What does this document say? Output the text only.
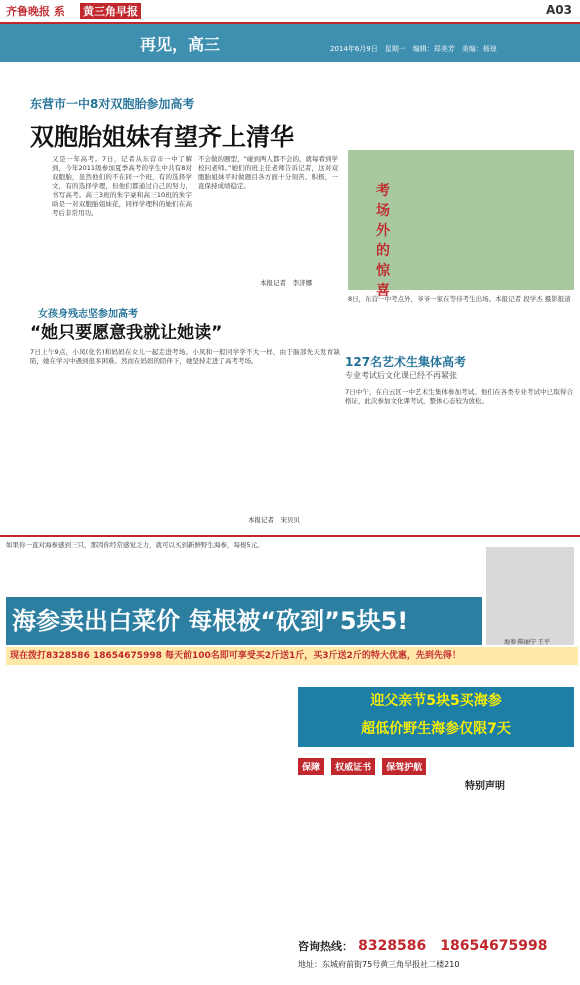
齐鲁晚报 系 黄三角早报	A03
再见，高三	2014年6月9日　星期一　编辑：郑美芳　美编：杨琼
东营市一中8对双胞胎参加高考
双胞胎姐妹有望齐上清华
又是一年高考。7日，记者从东营市一中了解到，今年2011级参加夏季高考的学生中共有8对双胞胎，虽然他们的不在同一个班，有的选择学文，有的选择学理，但他们都通过自己的努力，书写高考。高三3班的朱宇豪和高三10班的朱宇晗是一对双胞胎姐妹花，同样学理科的她们在高考后非常用功。
不会做的题型，“碰到两人都不会的，就每看到学校问老师。”她们的班主任老师告诉记者，这对双胞胎姐妹平时做题目各方面十分刻苦、积极，一直保持成绩稳定。
本报记者　李济娜
考场外的惊喜
8日，东营一中考点外，爷爷一家在等待考生出场。本报记者 段学杰 摄影报道
女孩身残志坚参加高考
“她只要愿意我就让她读”
7日上午9点，小凤(化名)和妈妈在女儿一起走进考场。小凤和一般同学学不大一样，由于脑部先天发育缺陷，她在学习中遇到很多困难。然而在妈妈的陪伴下，她坚持走进了高考考场。
本报记者　宋贝贝
127名艺术生集体高考
专业考试后文化课已经不再紧张
7日中午，在自云区一中艺术生集体参加考试。他们在各类专业考试中已取得合格证，此次参加文化课考试，整体心态较为放松。
如果你一直对海参感到三只，那因你经常感觉乏力，就可以买到新鲜野生海参，每根5元。
海参卖出白菜价 每根被“砍到”5块5!
现在拨打8328586 18654675998 每天前100名即可享受买2斤送1斤，买3斤送2斤的特大优惠，先到先得！
海参·陈丽宁 王平
迎父亲节5块5买海参
超低价野生海参仅限7天
保障 权威证书 保驾护航
特别声明
咨询热线： 8328586　18654675998
地址：东城府前街75号黄三角早报社二楼210
